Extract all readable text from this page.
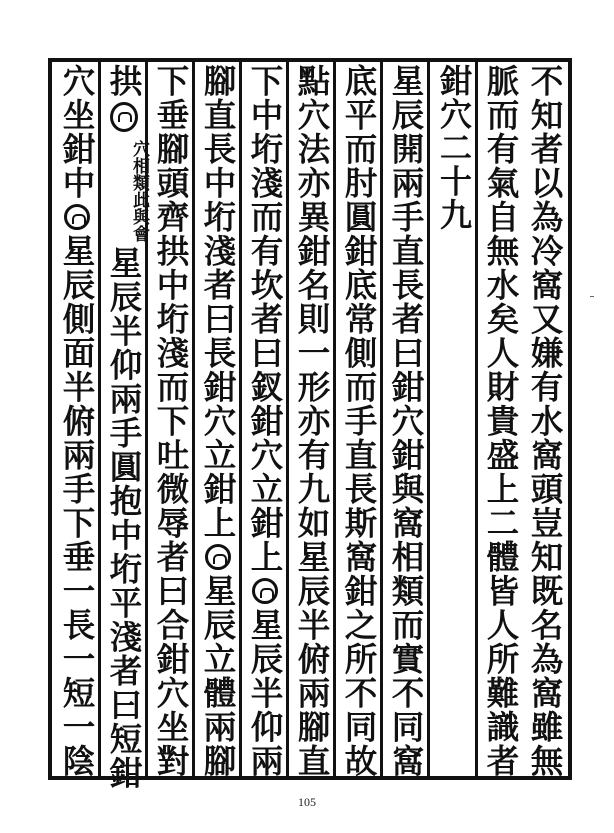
不知者以為冷窩又嫌有水窩頭豈知既名為窩雖無
脈而有氣自無水矣人財貴盛上二體皆人所難識者
鉗穴二十九
星辰開兩手直長者曰鉗穴鉗與窩相類而實不同窩
底平而肘圓鉗底常側而手直長斯窩鉗之所不同故
點穴法亦異鉗名則一形亦有九如星辰半俯兩腳直
下中垳淺而有坎者曰釵鉗穴立鉗上
星辰半仰兩
腳直長中垳淺者曰長鉗穴立鉗上
星辰立體兩腳
下垂腳頭齊拱中垳淺而下吐微辱者曰合鉗穴坐對
拱
此與會
穴相類
星辰半仰兩手圓抱中垳平淺者曰短鉗
穴坐鉗中
星辰側面半俯兩手下垂一長一短一陰
105
